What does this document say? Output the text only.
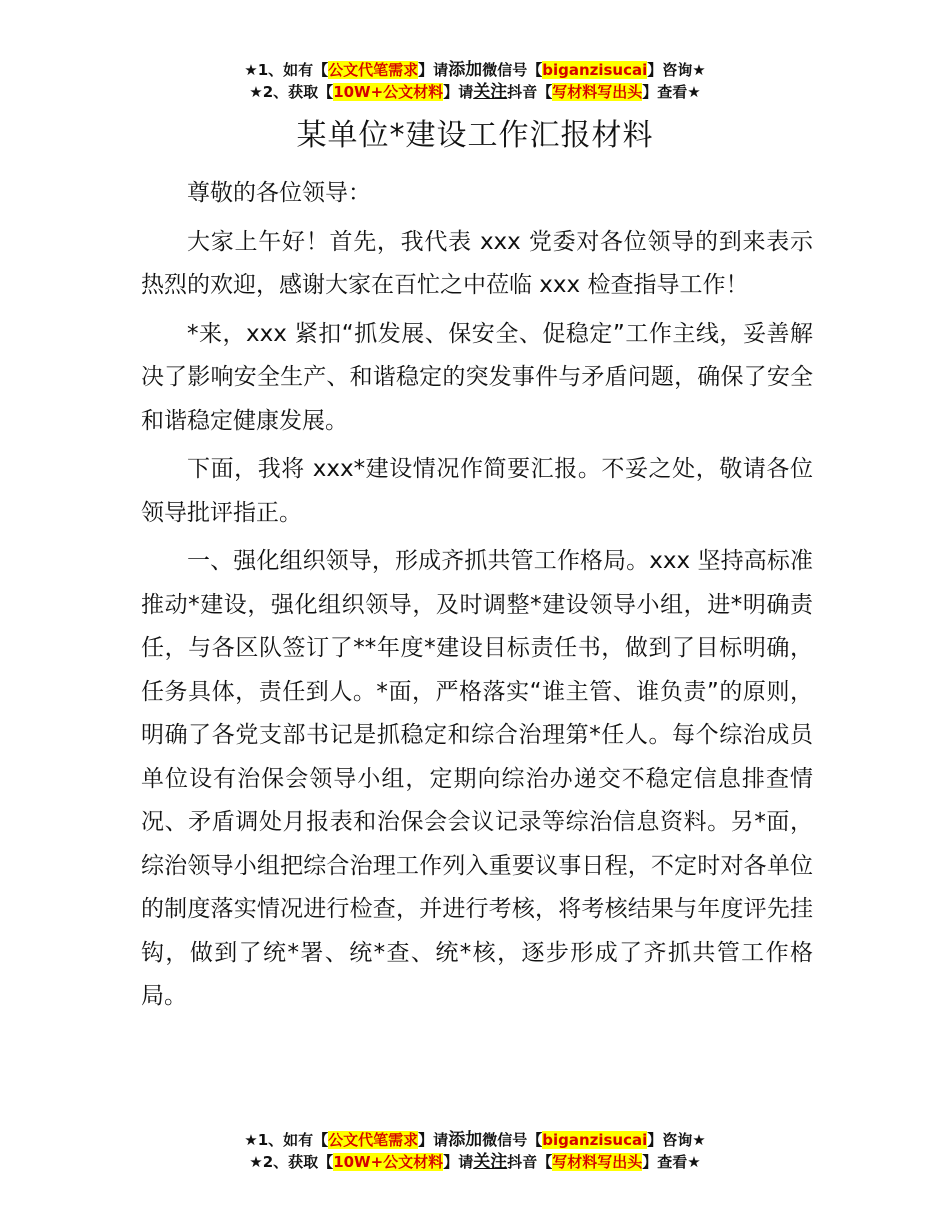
★1、如有【公文代笔需求】请添加微信号【biganzisucai】咨询★
★2、获取【10W+公文材料】请关注抖音【写材料写出头】查看★
某单位*建设工作汇报材料

尊敬的各位领导：

大家上午好！首先，我代表 xxx 党委对各位领导的到来表示热烈的欢迎，感谢大家在百忙之中莅临 xxx 检查指导工作！

*来，xxx 紧扣“抓发展、保安全、促稳定”工作主线，妥善解决了影响安全生产、和谐稳定的突发事件与矛盾问题，确保了安全和谐稳定健康发展。

下面，我将 xxx*建设情况作简要汇报。不妥之处，敬请各位领导批评指正。

一、强化组织领导，形成齐抓共管工作格局。xxx 坚持高标准推动*建设，强化组织领导，及时调整*建设领导小组，进*明确责任，与各区队签订了**年度*建设目标责任书，做到了目标明确，任务具体，责任到人。*面，严格落实“谁主管、谁负责”的原则，明确了各党支部书记是抓稳定和综合治理第*任人。每个综治成员单位设有治保会领导小组，定期向综治办递交不稳定信息排查情况、矛盾调处月报表和治保会会议记录等综治信息资料。另*面，综治领导小组把综合治理工作列入重要议事日程，不定时对各单位的制度落实情况进行检查，并进行考核，将考核结果与年度评先挂钩，做到了统*署、统*查、统*核，逐步形成了齐抓共管工作格局。

★1、如有【公文代笔需求】请添加微信号【biganzisucai】咨询★
★2、获取【10W+公文材料】请关注抖音【写材料写出头】查看★
